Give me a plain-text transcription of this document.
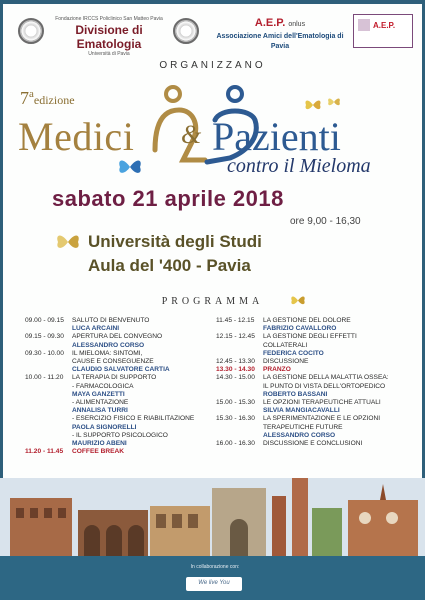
Fondazione IRCCS Policlinico San Matteo Pavia
Divisione di Ematologia
Università di Pavia
A.E.P. onlus
Associazione Amici dell'Ematologia di Pavia
A.E.P.
ORGANIZZANO
7$^a$edizione
Medici & Pazienti
contro il Mieloma
sabato 21 aprile 2018
ore 9,00 - 16,30
Università degli Studi
Aula del '400 - Pavia
PROGRAMMA
09.00 - 09.15	SALUTO DI BENVENUTO
LUCA ARCAINI
09.15 - 09.30	APERTURA DEL CONVEGNO
ALESSANDRO CORSO
09.30 - 10.00	IL MIELOMA: SINTOMI,
CAUSE E CONSEGUENZE
CLAUDIO SALVATORE CARTIA
10.00 - 11.20	LA TERAPIA DI SUPPORTO
- FARMACOLOGICA
MAYA GANZETTI
- ALIMENTAZIONE
ANNALISA TURRI
- ESERCIZIO FISICO E RIABILITAZIONE
PAOLA SIGNORELLI
- IL SUPPORTO PSICOLOGICO
MAURIZIO ABENI
11.20 - 11.45	COFFEE BREAK
11.45 - 12.15	LA GESTIONE DEL DOLORE
FABRIZIO CAVALLORO
12.15 - 12.45	LA GESTIONE DEGLI EFFETTI
COLLATERALI
FEDERICA COCITO
12.45 - 13.30	DISCUSSIONE
13.30 - 14.30	PRANZO
14.30 - 15.00	LA GESTIONE DELLA MALATTIA OSSEA:
IL PUNTO DI VISTA DELL'ORTOPEDICO
ROBERTO BASSANI
15.00 - 15.30	LE OPZIONI TERAPEUTICHE ATTUALI
SILVIA MANGIACAVALLI
15.30 - 16.30	LA SPERIMENTAZIONE E LE OPZIONI
TERAPEUTICHE FUTURE
ALESSANDRO CORSO
16.00 - 16.30	DISCUSSIONE E CONCLUSIONI
In collaborazione con:
We live You
